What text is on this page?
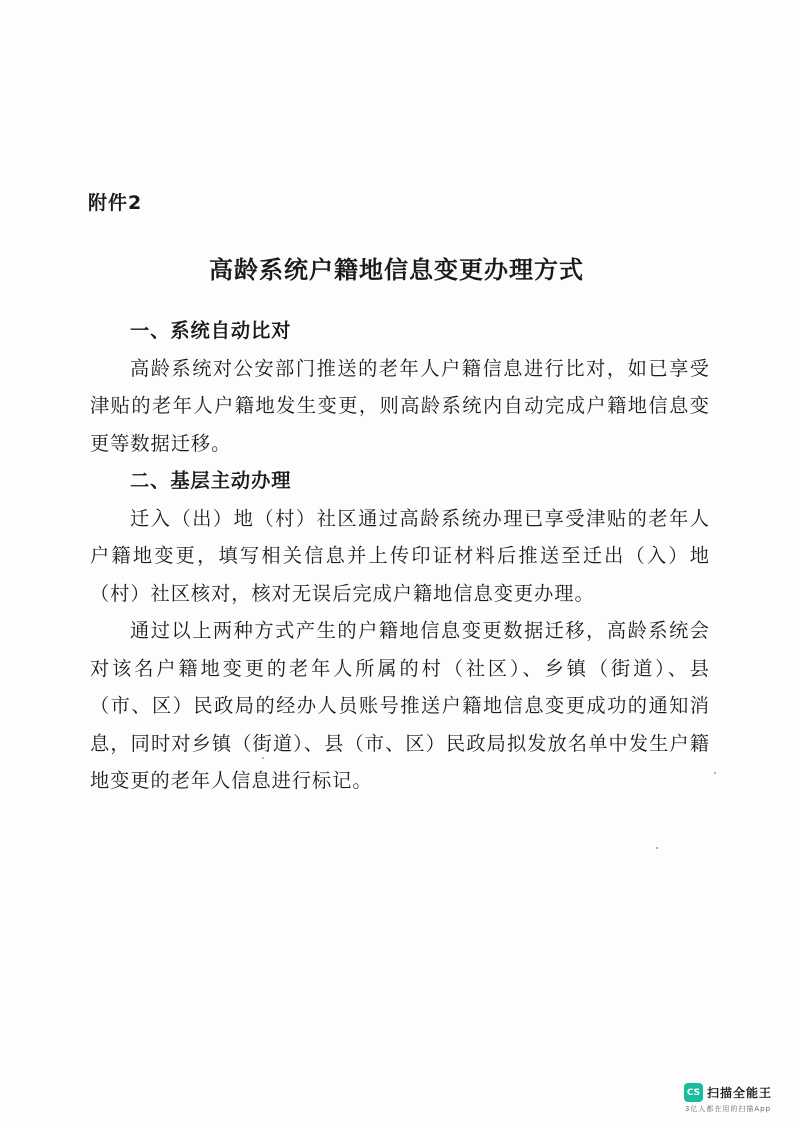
附件2
高龄系统户籍地信息变更办理方式
一、系统自动比对

高龄系统对公安部门推送的老年人户籍信息进行比对，如已享受津贴的老年人户籍地发生变更，则高龄系统内自动完成户籍地信息变更等数据迁移。

二、基层主动办理

迁入（出）地（村）社区通过高龄系统办理已享受津贴的老年人户籍地变更，填写相关信息并上传印证材料后推送至迁出（入）地（村）社区核对，核对无误后完成户籍地信息变更办理。

通过以上两种方式产生的户籍地信息变更数据迁移，高龄系统会对该名户籍地变更的老年人所属的村（社区）、乡镇（街道）、县（市、区）民政局的经办人员账号推送户籍地信息变更成功的通知消息，同时对乡镇（街道）、县（市、区）民政局拟发放名单中发生户籍地变更的老年人信息进行标记。

CS 扫描全能王
3亿人都在用的扫描App
